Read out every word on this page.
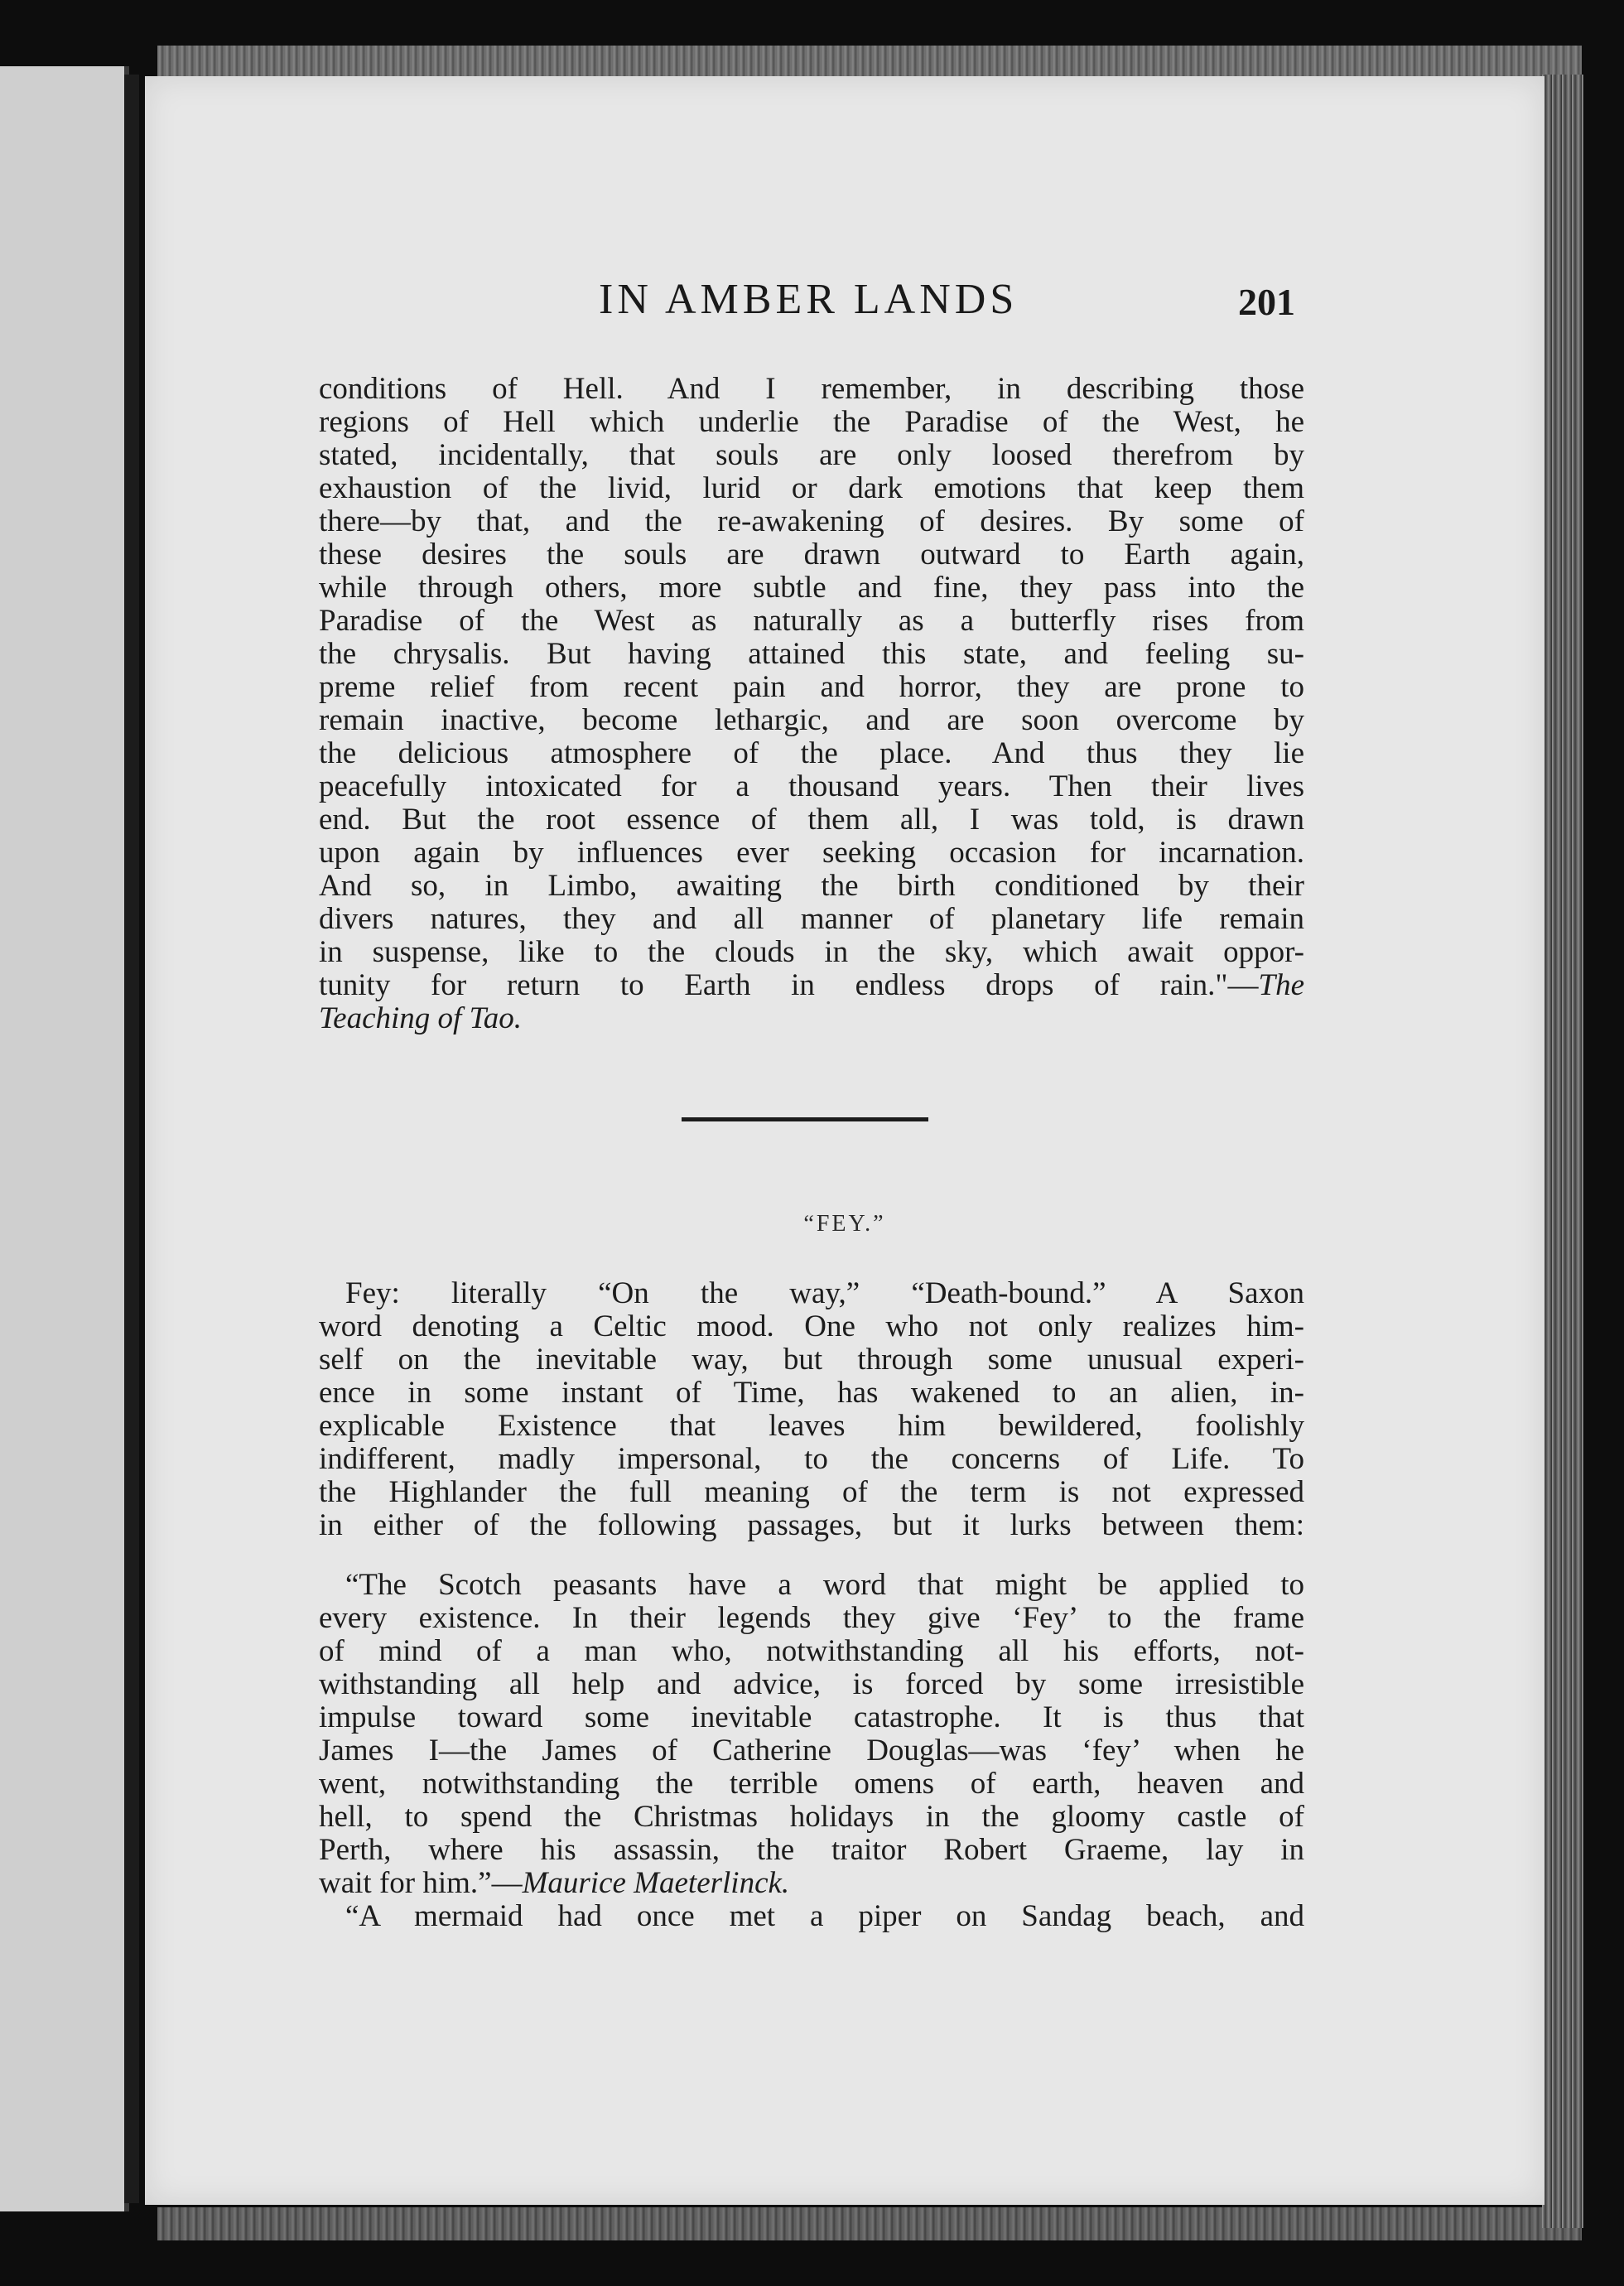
IN AMBER LANDS	201
conditions of Hell. And I remember, in describing those
regions of Hell which underlie the Paradise of the West, he
stated, incidentally, that souls are only loosed therefrom by
exhaustion of the livid, lurid or dark emotions that keep them
there—by that, and the re-awakening of desires. By some of
these desires the souls are drawn outward to Earth again,
while through others, more subtle and fine, they pass into the
Paradise of the West as naturally as a butterfly rises from
the chrysalis. But having attained this state, and feeling su-
preme relief from recent pain and horror, they are prone to
remain inactive, become lethargic, and are soon overcome by
the delicious atmosphere of the place. And thus they lie
peacefully intoxicated for a thousand years. Then their lives
end. But the root essence of them all, I was told, is drawn
upon again by influences ever seeking occasion for incarnation.
And so, in Limbo, awaiting the birth conditioned by their
divers natures, they and all manner of planetary life remain
in suspense, like to the clouds in the sky, which await oppor-
tunity for return to Earth in endless drops of rain."—The
Teaching of Tao.
“FEY.”
Fey: literally “On the way,” “Death-bound.” A Saxon
word denoting a Celtic mood. One who not only realizes him-
self on the inevitable way, but through some unusual experi-
ence in some instant of Time, has wakened to an alien, in-
explicable Existence that leaves him bewildered, foolishly
indifferent, madly impersonal, to the concerns of Life. To
the Highlander the full meaning of the term is not expressed
in either of the following passages, but it lurks between them:
“The Scotch peasants have a word that might be applied to
every existence. In their legends they give ‘Fey’ to the frame
of mind of a man who, notwithstanding all his efforts, not-
withstanding all help and advice, is forced by some irresistible
impulse toward some inevitable catastrophe. It is thus that
James I—the James of Catherine Douglas—was ‘fey’ when he
went, notwithstanding the terrible omens of earth, heaven and
hell, to spend the Christmas holidays in the gloomy castle of
Perth, where his assassin, the traitor Robert Graeme, lay in
wait for him.”—Maurice Maeterlinck.
“A mermaid had once met a piper on Sandag beach, and
